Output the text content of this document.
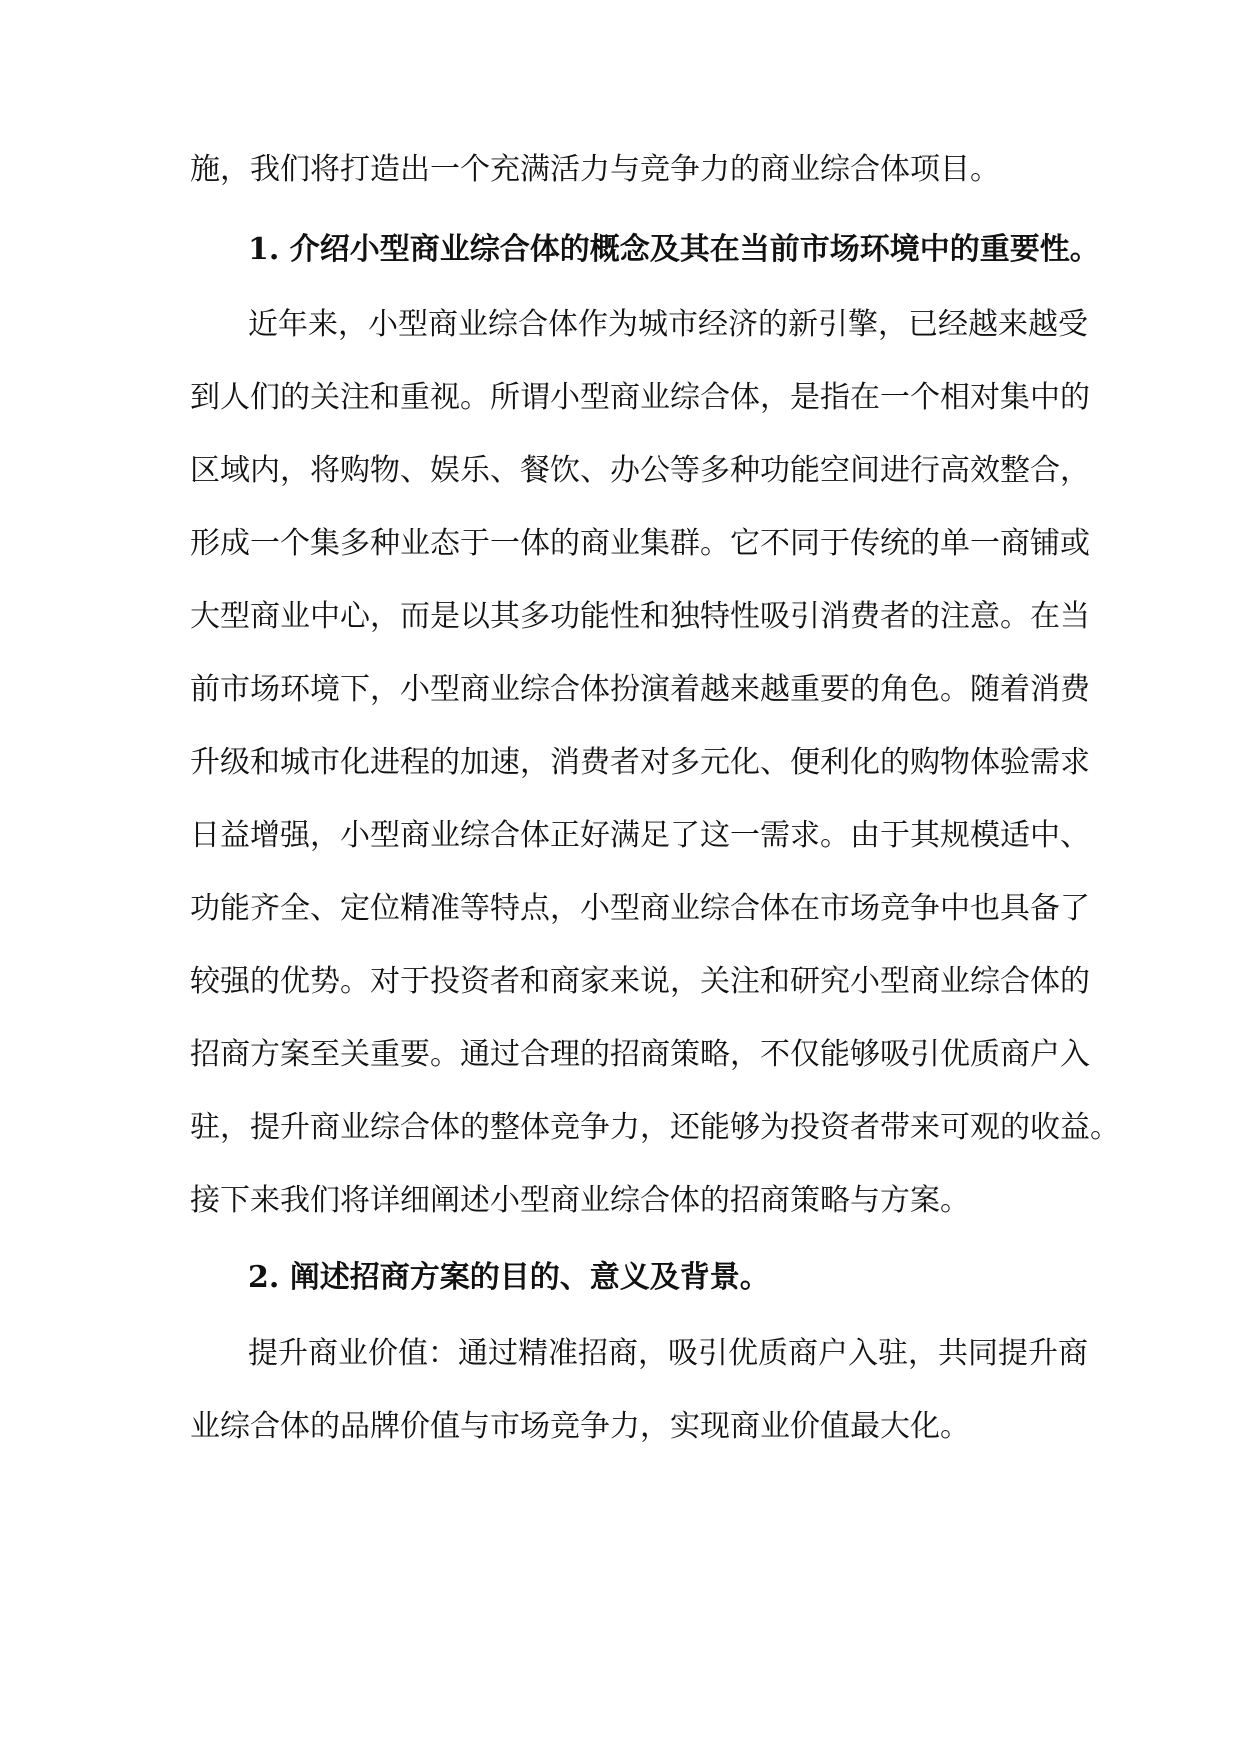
施，我们将打造出一个充满活力与竞争力的商业综合体项目。
1. 介绍小型商业综合体的概念及其在当前市场环境中的重要性。
近年来，小型商业综合体作为城市经济的新引擎，已经越来越受
到人们的关注和重视。所谓小型商业综合体，是指在一个相对集中的
区域内，将购物、娱乐、餐饮、办公等多种功能空间进行高效整合，
形成一个集多种业态于一体的商业集群。它不同于传统的单一商铺或
大型商业中心，而是以其多功能性和独特性吸引消费者的注意。在当
前市场环境下，小型商业综合体扮演着越来越重要的角色。随着消费
升级和城市化进程的加速，消费者对多元化、便利化的购物体验需求
日益增强，小型商业综合体正好满足了这一需求。由于其规模适中、
功能齐全、定位精准等特点，小型商业综合体在市场竞争中也具备了
较强的优势。对于投资者和商家来说，关注和研究小型商业综合体的
招商方案至关重要。通过合理的招商策略，不仅能够吸引优质商户入
驻，提升商业综合体的整体竞争力，还能够为投资者带来可观的收益。
接下来我们将详细阐述小型商业综合体的招商策略与方案。
2. 阐述招商方案的目的、意义及背景。
提升商业价值：通过精准招商，吸引优质商户入驻，共同提升商
业综合体的品牌价值与市场竞争力，实现商业价值最大化。
